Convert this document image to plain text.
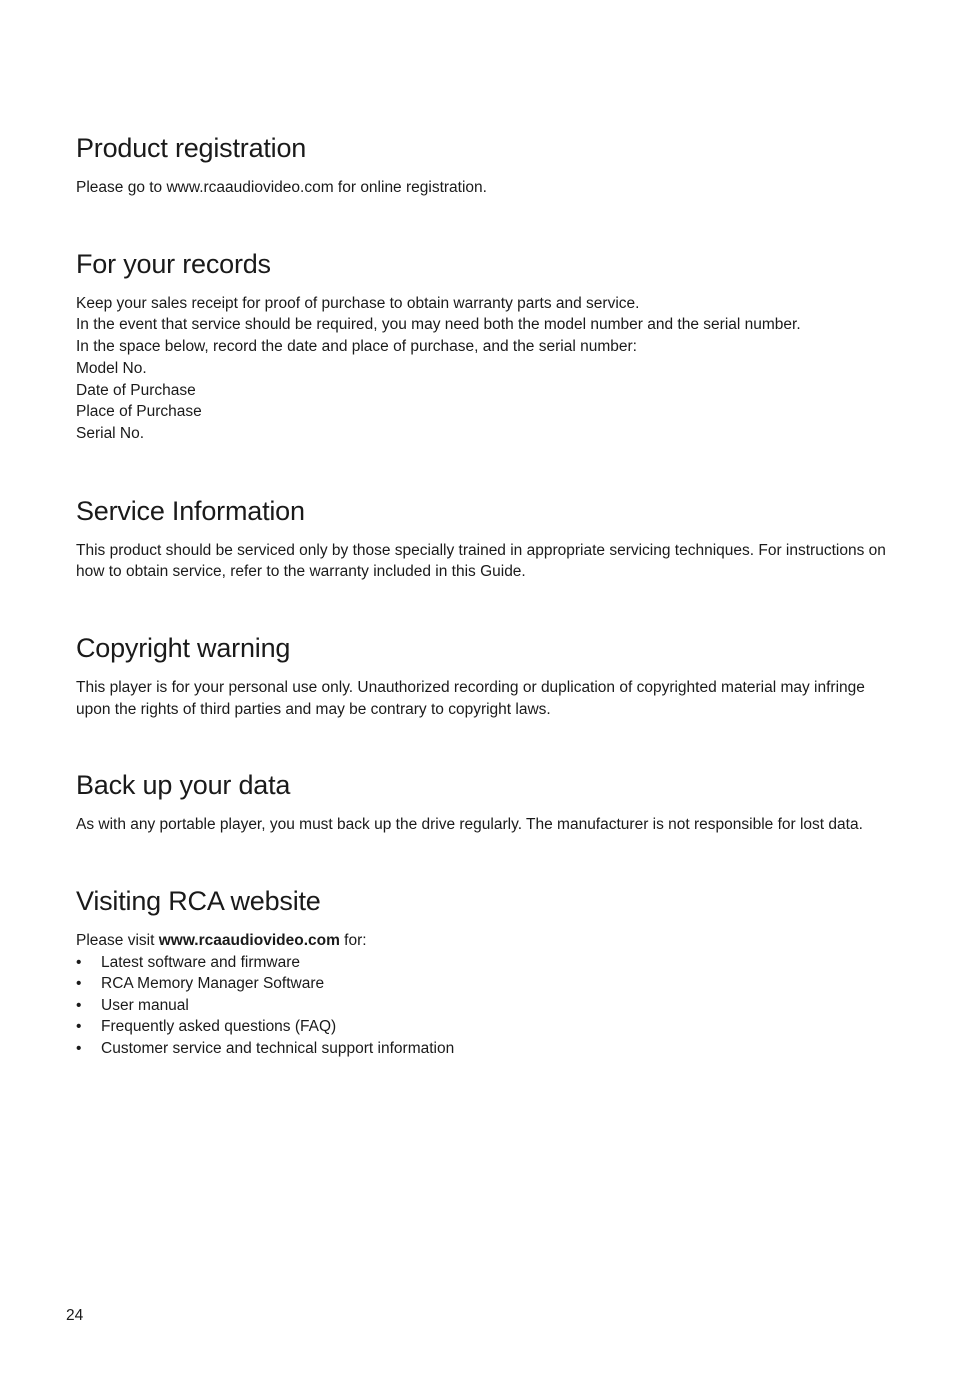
Product registration

Please go to www.rcaaudiovideo.com for online registration.

For your records

Keep your sales receipt for proof of purchase to obtain warranty parts and service.

In the event that service should be required, you may need both the model number and the serial number.

In the space below, record the date and place of purchase, and the serial number:

Model No.

Date of Purchase

Place of Purchase

Serial No.

Service Information

This product should be serviced only by those specially trained in appropriate servicing techniques. For instructions on how to obtain service, refer to the warranty included in this Guide.

Copyright warning

This player is for your personal use only. Unauthorized recording or duplication of copyrighted material may infringe upon the rights of third parties and may be contrary to copyright laws.

Back up your data

As with any portable player, you must back up the drive regularly. The manufacturer is not responsible for lost data.

Visiting RCA website

Please visit www.rcaaudiovideo.com for:

• Latest software and firmware
• RCA Memory Manager Software
• User manual
• Frequently asked questions (FAQ)
• Customer service and technical support information
24
